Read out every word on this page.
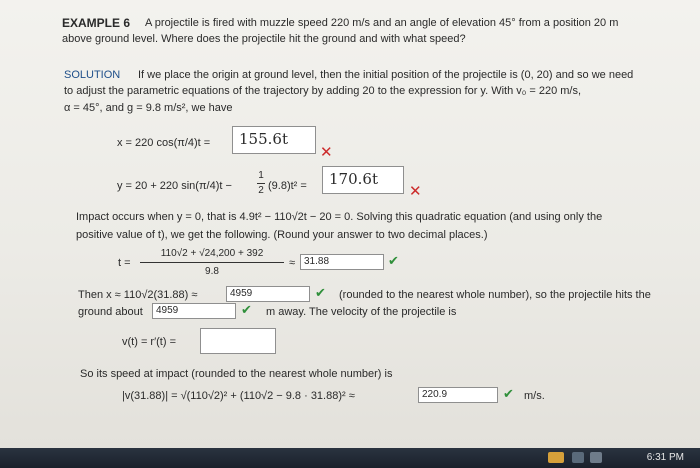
EXAMPLE 6 A projectile is fired with muzzle speed 220 m/s and an angle of elevation 45° from a position 20 m
above ground level. Where does the projectile hit the ground and with what speed?
SOLUTION If we place the origin at ground level, then the initial position of the projectile is (0, 20) and so we need
to adjust the parametric equations of the trajectory by adding 20 to the expression for y. With v₀ = 220 m/s,
α = 45°, and g = 9.8 m/s², we have
x = 220 cos(π/4)t =	155.6t
✕
y = 20 + 220 sin(π/4)t −
1
2 (9.8)t² =	170.6t
✕
Impact occurs when y = 0, that is 4.9t² − 110√2t − 20 = 0. Solving this quadratic equation (and using only the
positive value of t), we get the following. (Round your answer to two decimal places.)
t =
110√2 + √24,200 + 392
9.8
≈ 31.88	✔
Then x ≈ 110√2(31.88) ≈	4959	✔ (rounded to the nearest whole number), so the projectile hits the
ground about	4959	✔ m away. The velocity of the projectile is
v(t) = r′(t) =
So its speed at impact (rounded to the nearest whole number) is
|v(31.88)| = √(110√2)² + (110√2 − 9.8 · 31.88)² ≈	220.9	✔ m/s.
6:31 PM
